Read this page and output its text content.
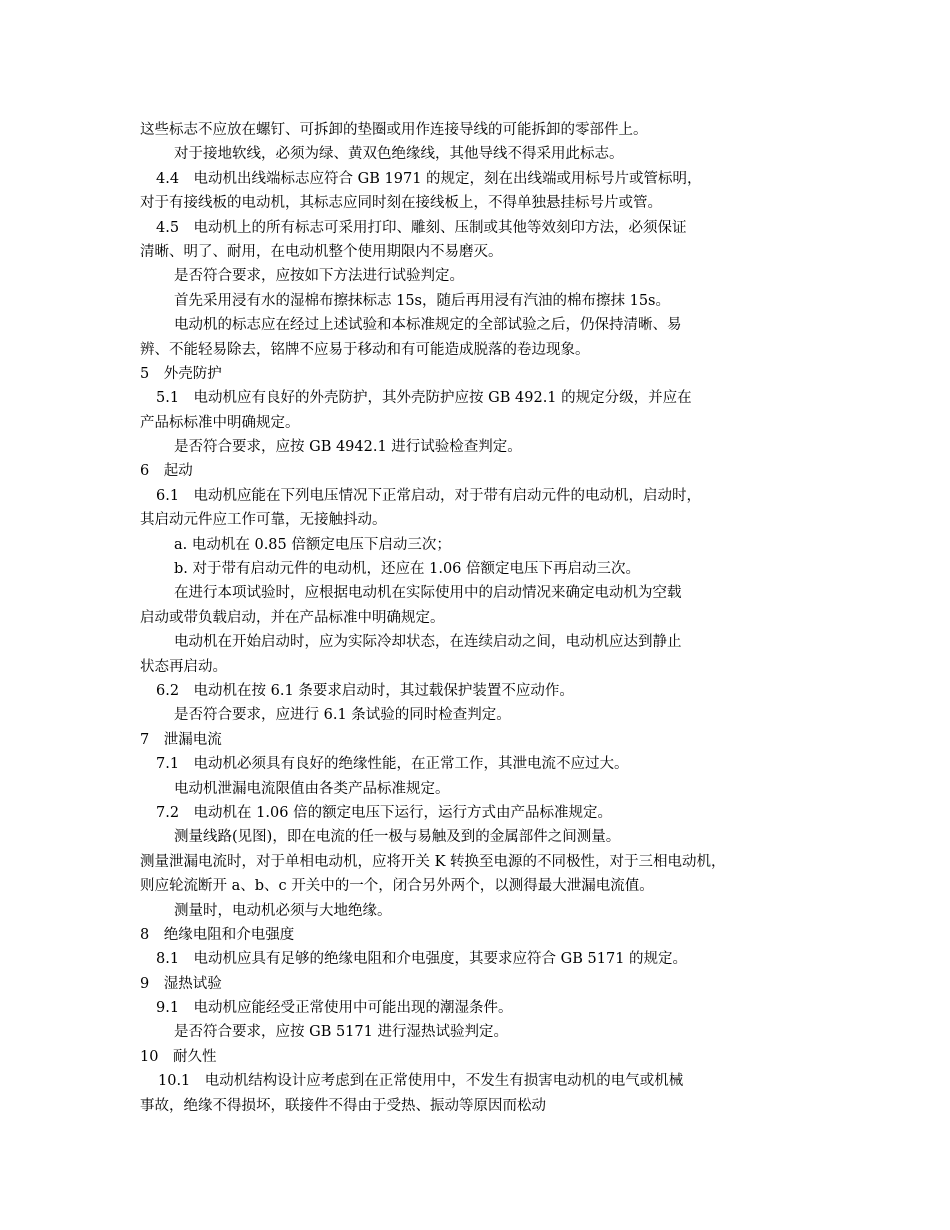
这些标志不应放在螺钉、可拆卸的垫圈或用作连接导线的可能拆卸的零部件上。
对于接地软线，必须为绿、黄双色绝缘线，其他导线不得采用此标志。
4.4　电动机出线端标志应符合 GB 1971 的规定，刻在出线端或用标号片或管标明，
对于有接线板的电动机，其标志应同时刻在接线板上，不得单独悬挂标号片或管。
4.5　电动机上的所有标志可采用打印、雕刻、压制或其他等效刻印方法，必须保证
清晰、明了、耐用，在电动机整个使用期限内不易磨灭。
是否符合要求，应按如下方法进行试验判定。
首先采用浸有水的湿棉布擦抹标志 15s，随后再用浸有汽油的棉布擦抹 15s。
电动机的标志应在经过上述试验和本标准规定的全部试验之后，仍保持清晰、易
辨、不能轻易除去，铭牌不应易于移动和有可能造成脱落的卷边现象。
5　外壳防护
5.1　电动机应有良好的外壳防护，其外壳防护应按 GB 492.1 的规定分级，并应在
产品标标准中明确规定。
是否符合要求，应按 GB 4942.1 进行试验检查判定。
6　起动
6.1　电动机应能在下列电压情况下正常启动，对于带有启动元件的电动机，启动时，
其启动元件应工作可靠，无接触抖动。
a. 电动机在 0.85 倍额定电压下启动三次；
b. 对于带有启动元件的电动机，还应在 1.06 倍额定电压下再启动三次。
在进行本项试验时，应根据电动机在实际使用中的启动情况来确定电动机为空载
启动或带负载启动，并在产品标准中明确规定。
电动机在开始启动时，应为实际冷却状态，在连续启动之间，电动机应达到静止
状态再启动。
6.2　电动机在按 6.1 条要求启动时，其过载保护装置不应动作。
是否符合要求，应进行 6.1 条试验的同时检查判定。
7　泄漏电流
7.1　电动机必须具有良好的绝缘性能，在正常工作，其泄电流不应过大。
电动机泄漏电流限值由各类产品标准规定。
7.2　电动机在 1.06 倍的额定电压下运行，运行方式由产品标准规定。
测量线路(见图)，即在电流的任一极与易触及到的金属部件之间测量。
测量泄漏电流时，对于单相电动机，应将开关 K 转换至电源的不同极性，对于三相电动机，
则应轮流断开 a、b、c 开关中的一个，闭合另外两个，以测得最大泄漏电流值。
测量时，电动机必须与大地绝缘。
8　绝缘电阻和介电强度
8.1　电动机应具有足够的绝缘电阻和介电强度，其要求应符合 GB 5171 的规定。
9　湿热试验
9.1　电动机应能经受正常使用中可能出现的潮湿条件。
是否符合要求，应按 GB 5171 进行湿热试验判定。
10　耐久性
10.1　电动机结构设计应考虑到在正常使用中，不发生有损害电动机的电气或机械
事故，绝缘不得损坏，联接件不得由于受热、振动等原因而松动
